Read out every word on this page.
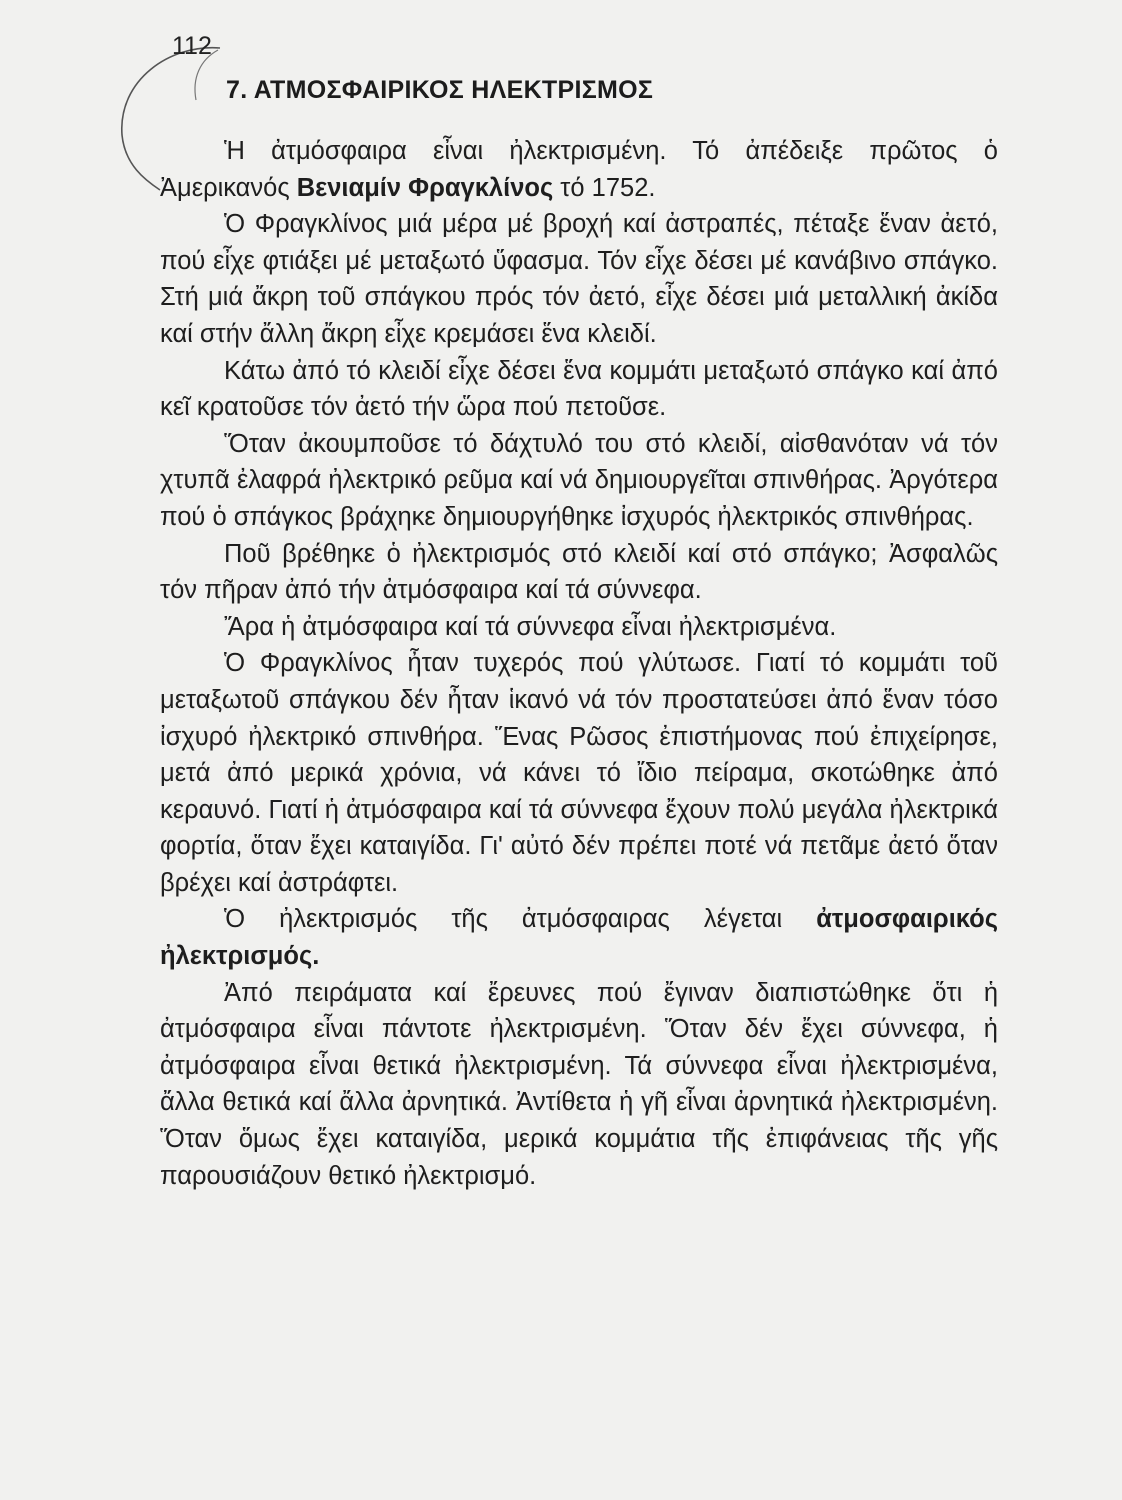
112
7. ΑΤΜΟΣΦΑΙΡΙΚΟΣ ΗΛΕΚΤΡΙΣΜΟΣ

Ἡ ἀτμόσφαιρα εἶναι ἠλεκτρισμένη. Τό ἀπέδειξε πρῶτος ὁ Ἀμερικανός Βενιαμίν Φραγκλίνος τό 1752.

Ὁ Φραγκλίνος μιά μέρα μέ βροχή καί ἀστραπές, πέταξε ἕναν ἀετό, πού εἶχε φτιάξει μέ μεταξωτό ὕφασμα. Τόν εἶχε δέσει μέ κανάβινο σπάγκο. Στή μιά ἄκρη τοῦ σπάγκου πρός τόν ἀετό, εἶχε δέσει μιά μεταλλική ἀκίδα καί στήν ἄλλη ἄκρη εἶχε κρεμάσει ἕνα κλειδί.

Κάτω ἀπό τό κλειδί εἶχε δέσει ἕνα κομμάτι μεταξωτό σπάγκο καί ἀπό κεῖ κρατοῦσε τόν ἀετό τήν ὥρα πού πετοῦσε.

Ὅταν ἀκουμποῦσε τό δάχτυλό του στό κλειδί, αἰσθανόταν νά τόν χτυπᾶ ἐλαφρά ἠλεκτρικό ρεῦμα καί νά δημιουργεῖται σπινθήρας. Ἀργότερα πού ὁ σπάγκος βράχηκε δημιουργήθηκε ἰσχυρός ἠλεκτρικός σπινθήρας.

Ποῦ βρέθηκε ὁ ἠλεκτρισμός στό κλειδί καί στό σπάγκο; Ἀσφαλῶς τόν πῆραν ἀπό τήν ἀτμόσφαιρα καί τά σύννεφα.

Ἄρα ἡ ἀτμόσφαιρα καί τά σύννεφα εἶναι ἠλεκτρισμένα.

Ὁ Φραγκλίνος ἦταν τυχερός πού γλύτωσε. Γιατί τό κομμάτι τοῦ μεταξωτοῦ σπάγκου δέν ἦταν ἱκανό νά τόν προστατεύσει ἀπό ἕναν τόσο ἰσχυρό ἠλεκτρικό σπινθήρα. Ἕνας Ρῶσος ἐπιστήμονας πού ἐπιχείρησε, μετά ἀπό μερικά χρόνια, νά κάνει τό ἴδιο πείραμα, σκοτώθηκε ἀπό κεραυνό. Γιατί ἡ ἀτμόσφαιρα καί τά σύννεφα ἔχουν πολύ μεγάλα ἠλεκτρικά φορτία, ὅταν ἔχει καταιγίδα. Γι' αὐτό δέν πρέπει ποτέ νά πετᾶμε ἀετό ὅταν βρέχει καί ἀστράφτει.

Ὁ ἠλεκτρισμός τῆς ἀτμόσφαιρας λέγεται ἀτμοσφαιρικός ἠλεκτρισμός.

Ἀπό πειράματα καί ἔρευνες πού ἔγιναν διαπιστώθηκε ὅτι ἡ ἀτμόσφαιρα εἶναι πάντοτε ἠλεκτρισμένη. Ὅταν δέν ἔχει σύννεφα, ἡ ἀτμόσφαιρα εἶναι θετικά ἠλεκτρισμένη. Τά σύννεφα εἶναι ἠλεκτρισμένα, ἄλλα θετικά καί ἄλλα ἀρνητικά. Ἀντίθετα ἡ γῆ εἶναι ἀρνητικά ἠλεκτρισμένη. Ὅταν ὅμως ἔχει καταιγίδα, μερικά κομμάτια τῆς ἐπιφάνειας τῆς γῆς παρουσιάζουν θετικό ἠλεκτρισμό.
